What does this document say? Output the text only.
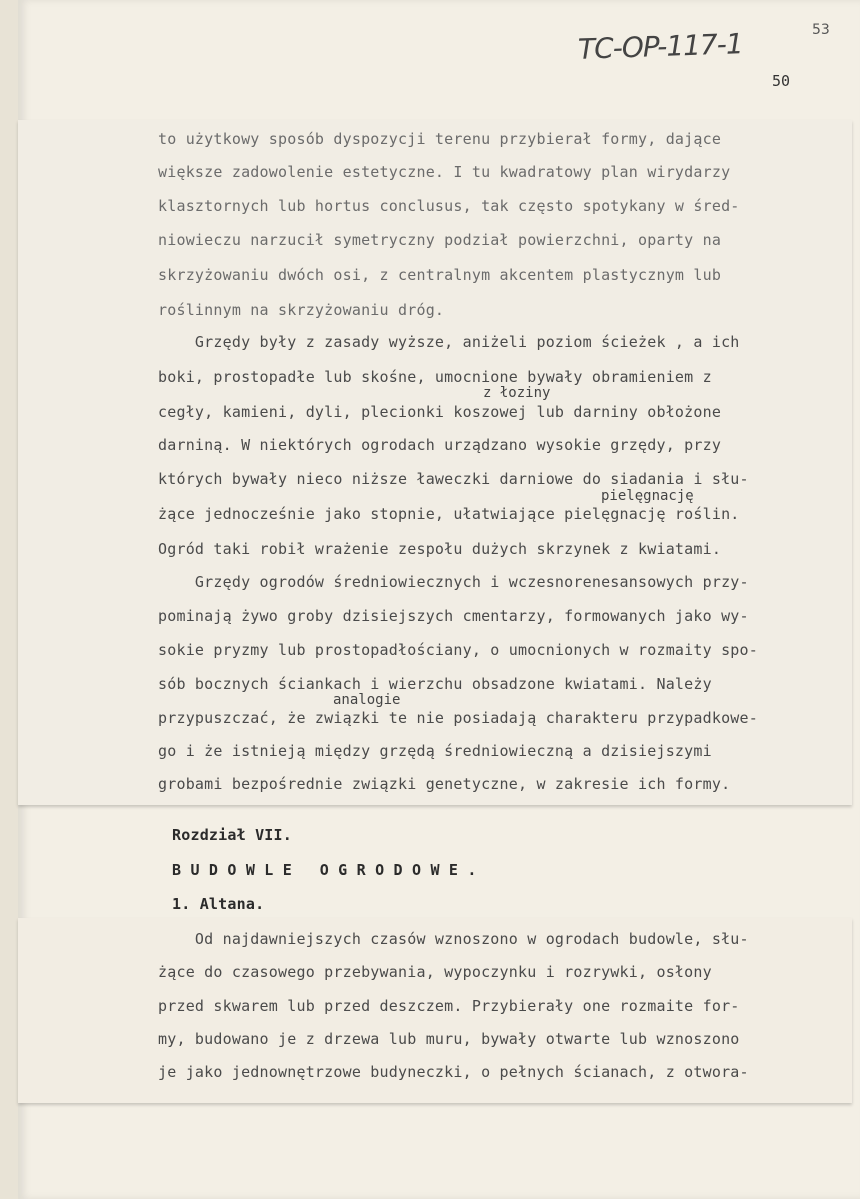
TC-OP-117-1	53
50
to użytkowy sposób dyspozycji terenu przybierał formy, dające
większe zadowolenie estetyczne. I tu kwadratowy plan wirydarzy
klasztornych lub hortus conclusus, tak często spotykany w śred-
niowieczu narzucił symetryczny podział powierzchni, oparty na
skrzyżowaniu dwóch osi, z centralnym akcentem plastycznym lub
roślinnym na skrzyżowaniu dróg.
Grzędy były z zasady wyższe, aniżeli poziom ścieżek , a ich
boki, prostopadłe lub skośne, umocnione bywały obramieniem z
cegły, kamieni, dyli, plecionki koszowej lub darniny obłożone
darniną. W niektórych ogrodach urządzano wysokie grzędy, przy
których bywały nieco niższe ławeczki darniowe do siadania i słu-
żące jednocześnie jako stopnie, ułatwiające pielęgnację roślin.
Ogród taki robił wrażenie zespołu dużych skrzynek z kwiatami.
Grzędy ogrodów średniowiecznych i wczesnorenesansowych przy-
pominają żywo groby dzisiejszych cmentarzy, formowanych jako wy-
sokie pryzmy lub prostopadłościany, o umocnionych w rozmaity spo-
sób bocznych ściankach i wierzchu obsadzone kwiatami. Należy
przypuszczać, że związki te nie posiadają charakteru przypadkowe-
go i że istnieją między grzędą średniowieczną a dzisiejszymi
grobami bezpośrednie związki genetyczne, w zakresie ich formy.
z łoziny
pielęgnację
analogie
Rozdział VII.
B U D O W L E   O G R O D O W E .
1. Altana.
Od najdawniejszych czasów wznoszono w ogrodach budowle, słu-
żące do czasowego przebywania, wypoczynku i rozrywki, osłony
przed skwarem lub przed deszczem. Przybierały one rozmaite for-
my, budowano je z drzewa lub muru, bywały otwarte lub wznoszono
je jako jednownętrzowe budyneczki, o pełnych ścianach, z otwora-
